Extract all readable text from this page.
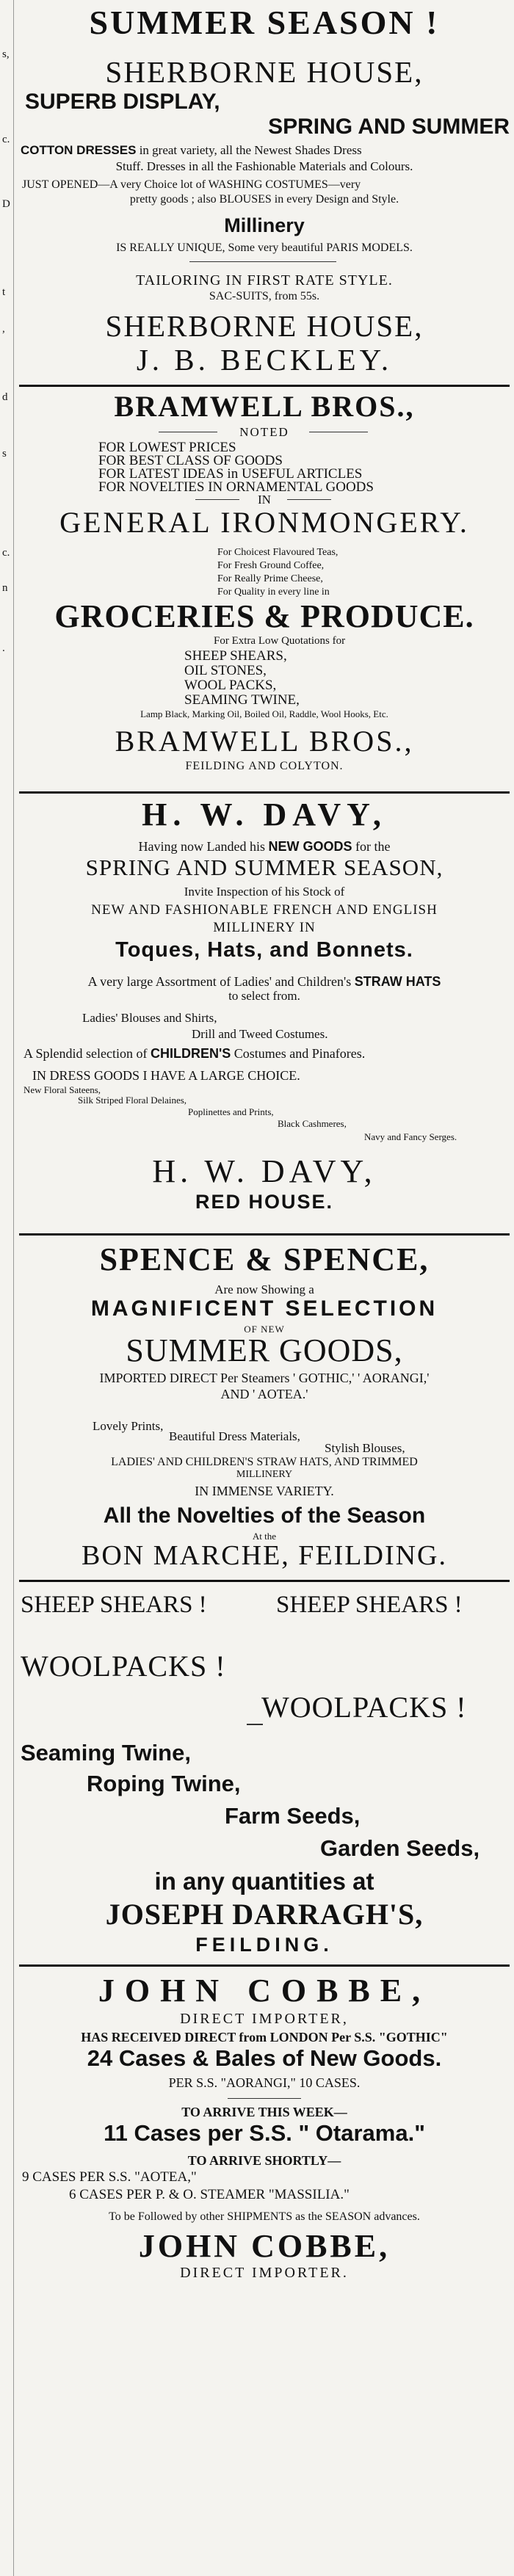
s,
c.
D
t
,
d
s
c.
n
.
SUMMER SEASON !
SHERBORNE HOUSE,
SUPERB DISPLAY,
SPRING AND SUMMER
COTTON DRESSES in great variety, all the Newest Shades Dress
Stuff. Dresses in all the Fashionable Materials and Colours.
JUST OPENED—A very Choice lot of WASHING COSTUMES—very
pretty goods ; also BLOUSES in every Design and Style.
Millinery
IS REALLY UNIQUE, Some very beautiful PARIS MODELS.
TAILORING IN FIRST RATE STYLE.
SAC-SUITS, from 55s.
SHERBORNE HOUSE,
J. B. BECKLEY.
BRAMWELL BROS.,
NOTED
FOR LOWEST PRICES
FOR BEST CLASS OF GOODS
FOR LATEST IDEAS in USEFUL ARTICLES
FOR NOVELTIES IN ORNAMENTAL GOODS
IN
GENERAL IRONMONGERY.
For Choicest Flavoured Teas,
For Fresh Ground Coffee,
For Really Prime Cheese,
For Quality in every line in
GROCERIES & PRODUCE.
For Extra Low Quotations for
SHEEP SHEARS,
OIL STONES,
WOOL PACKS,
SEAMING TWINE,
Lamp Black, Marking Oil, Boiled Oil, Raddle, Wool Hooks, Etc.
BRAMWELL BROS.,
FEILDING AND COLYTON.
H. W. DAVY,
Having now Landed his NEW GOODS for the
SPRING AND SUMMER SEASON,
Invite Inspection of his Stock of
NEW AND FASHIONABLE FRENCH AND ENGLISH
MILLINERY IN
Toques, Hats, and Bonnets.
A very large Assortment of Ladies' and Children's STRAW HATS
to select from.
Ladies' Blouses and Shirts,
Drill and Tweed Costumes.
A Splendid selection of CHILDREN'S Costumes and Pinafores.
IN DRESS GOODS I HAVE A LARGE CHOICE.
New Floral Sateens,
Silk Striped Floral Delaines,
Poplinettes and Prints,
Black Cashmeres,
Navy and Fancy Serges.
H. W. DAVY,
RED HOUSE.
SPENCE & SPENCE,
Are now Showing a
MAGNIFICENT SELECTION
OF NEW
SUMMER GOODS,
IMPORTED DIRECT Per Steamers ' GOTHIC,' ' AORANGI,'
AND ' AOTEA.'
Lovely Prints,
Beautiful Dress Materials,
Stylish Blouses,
LADIES' AND CHILDREN'S STRAW HATS, AND TRIMMED
MILLINERY
IN IMMENSE VARIETY.
All the Novelties of the Season
At the
BON MARCHE, FEILDING.
SHEEP SHEARS !	SHEEP SHEARS !
WOOLPACKS !
WOOLPACKS !
Seaming Twine,
Roping Twine,
Farm Seeds,
Garden Seeds,
in any quantities at
JOSEPH DARRAGH'S,
FEILDING.
JOHN COBBE,
DIRECT IMPORTER,
HAS RECEIVED DIRECT from LONDON Per S.S. "GOTHIC"
24 Cases & Bales of New Goods.
PER S.S. "AORANGI," 10 CASES.
TO ARRIVE THIS WEEK—
11 Cases per S.S. " Otarama."
TO ARRIVE SHORTLY—
9 CASES PER S.S. "AOTEA,"
6 CASES PER P. & O. STEAMER "MASSILIA."
To be Followed by other SHIPMENTS as the SEASON advances.
JOHN COBBE,
DIRECT IMPORTER.
